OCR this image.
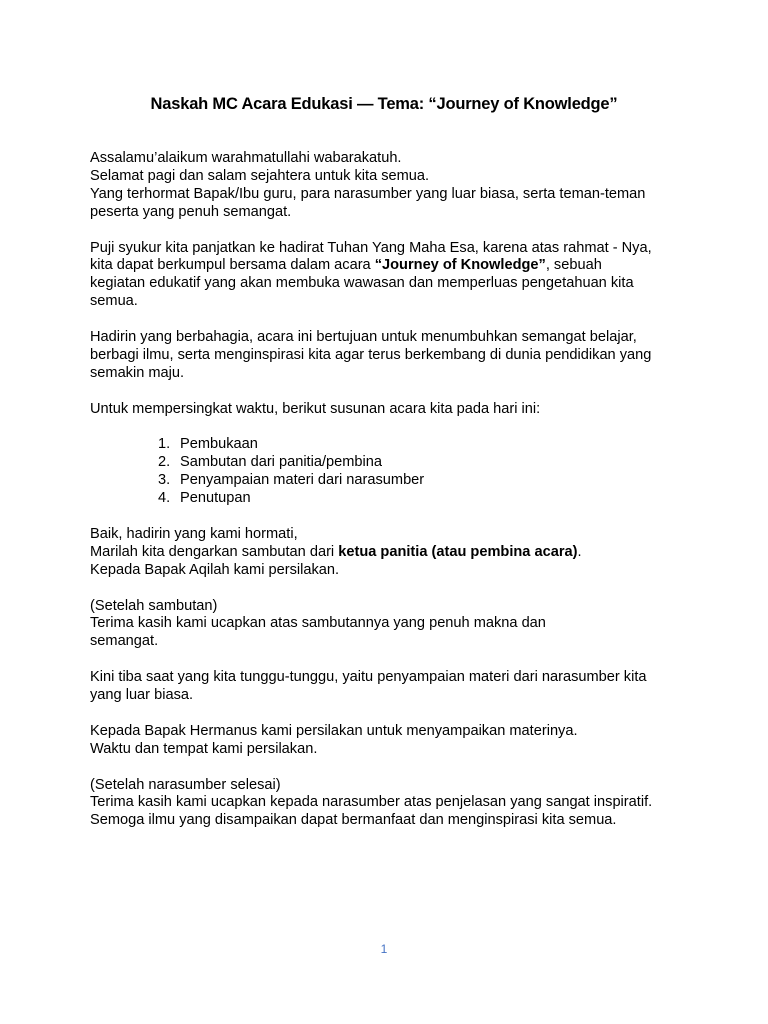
Naskah MC Acara Edukasi — Tema: “Journey of Knowledge”
Assalamu’alaikum warahmatullahi wabarakatuh.
Selamat pagi dan salam sejahtera untuk kita semua.
Yang terhormat Bapak/Ibu guru, para narasumber yang luar biasa, serta teman-teman
peserta yang penuh semangat.
Puji syukur kita panjatkan ke hadirat Tuhan Yang Maha Esa, karena atas rahmat - Nya,
kita dapat berkumpul bersama dalam acara “Journey of Knowledge”, sebuah
kegiatan edukatif yang akan membuka wawasan dan memperluas pengetahuan kita
semua.
Hadirin yang berbahagia, acara ini bertujuan untuk menumbuhkan semangat belajar,
berbagi ilmu, serta menginspirasi kita agar terus berkembang di dunia pendidikan yang
semakin maju.
Untuk mempersingkat waktu, berikut susunan acara kita pada hari ini:
1. Pembukaan
2. Sambutan dari panitia/pembina
3. Penyampaian materi dari narasumber
4. Penutupan
Baik, hadirin yang kami hormati,
Marilah kita dengarkan sambutan dari ketua panitia (atau pembina acara).
Kepada Bapak Aqilah kami persilakan.
(Setelah sambutan)
Terima kasih kami ucapkan atas sambutannya yang penuh makna dan
semangat.
Kini tiba saat yang kita tunggu-tunggu, yaitu penyampaian materi dari narasumber kita
yang luar biasa.
Kepada Bapak Hermanus kami persilakan untuk menyampaikan materinya.
Waktu dan tempat kami persilakan.
(Setelah narasumber selesai)
Terima kasih kami ucapkan kepada narasumber atas penjelasan yang sangat inspiratif.
Semoga ilmu yang disampaikan dapat bermanfaat dan menginspirasi kita semua.
1
